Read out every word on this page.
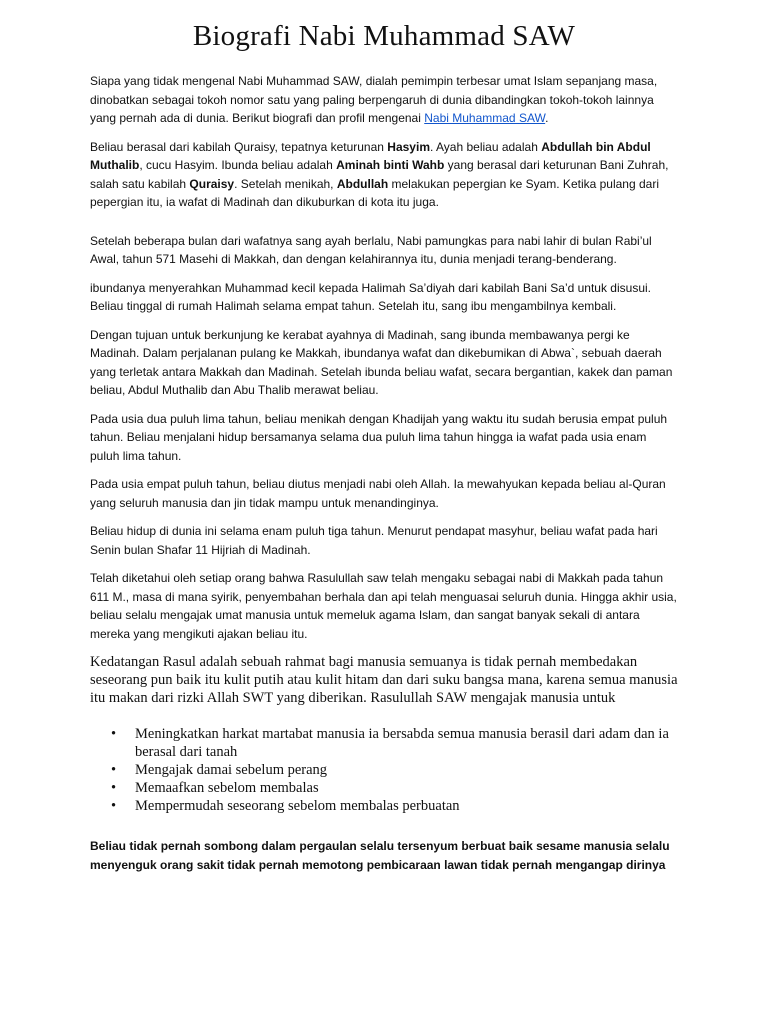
Biografi Nabi Muhammad SAW
Siapa yang tidak mengenal Nabi Muhammad SAW, dialah pemimpin terbesar umat Islam sepanjang masa, dinobatkan sebagai tokoh nomor satu yang paling berpengaruh di dunia dibandingkan tokoh-tokoh lainnya yang pernah ada di dunia. Berikut biografi dan profil mengenai Nabi Muhammad SAW.
Beliau berasal dari kabilah Quraisy, tepatnya keturunan Hasyim. Ayah beliau adalah Abdullah bin Abdul Muthalib, cucu Hasyim. Ibunda beliau adalah Aminah binti Wahb yang berasal dari keturunan Bani Zuhrah, salah satu kabilah Quraisy. Setelah menikah, Abdullah melakukan pepergian ke Syam. Ketika pulang dari pepergian itu, ia wafat di Madinah dan dikuburkan di kota itu juga.
Setelah beberapa bulan dari wafatnya sang ayah berlalu, Nabi pamungkas para nabi lahir di bulan Rabi’ul Awal, tahun 571 Masehi di Makkah, dan dengan kelahirannya itu, dunia menjadi terang-benderang.
ibundanya menyerahkan Muhammad kecil kepada Halimah Sa’diyah dari kabilah Bani Sa’d untuk disusui. Beliau tinggal di rumah Halimah selama empat tahun. Setelah itu, sang ibu mengambilnya kembali.
Dengan tujuan untuk berkunjung ke kerabat ayahnya di Madinah, sang ibunda membawanya pergi ke Madinah. Dalam perjalanan pulang ke Makkah, ibundanya wafat dan dikebumikan di Abwa`, sebuah daerah yang terletak antara Makkah dan Madinah. Setelah ibunda beliau wafat, secara bergantian, kakek dan paman beliau, Abdul Muthalib dan Abu Thalib merawat beliau.
Pada usia dua puluh lima tahun, beliau menikah dengan Khadijah yang waktu itu sudah berusia empat puluh tahun. Beliau menjalani hidup bersamanya selama dua puluh lima tahun hingga ia wafat pada usia enam puluh lima tahun.
Pada usia empat puluh tahun, beliau diutus menjadi nabi oleh Allah. Ia mewahyukan kepada beliau al-Quran yang seluruh manusia dan jin tidak mampu untuk menandinginya.
Beliau hidup di dunia ini selama enam puluh tiga tahun. Menurut pendapat masyhur, beliau wafat pada hari Senin bulan Shafar 11 Hijriah di Madinah.
Telah diketahui oleh setiap orang bahwa Rasulullah saw telah mengaku sebagai nabi di Makkah pada tahun 611 M., masa di mana syirik, penyembahan berhala dan api telah menguasai seluruh dunia. Hingga akhir usia, beliau selalu mengajak umat manusia untuk memeluk agama Islam, dan sangat banyak sekali di antara mereka yang mengikuti ajakan beliau itu.
Kedatangan Rasul adalah sebuah rahmat bagi manusia semuanya is tidak pernah membedakan seseorang pun baik itu kulit putih atau kulit hitam dan dari suku bangsa mana, karena semua manusia itu makan dari rizki Allah SWT yang diberikan. Rasulullah SAW mengajak manusia untuk
• Meningkatkan harkat martabat manusia ia bersabda semua manusia berasil dari adam dan ia berasal dari tanah
• Mengajak damai sebelum perang
• Memaafkan sebelom membalas
• Mempermudah seseorang sebelom membalas perbuatan
Beliau tidak pernah sombong dalam pergaulan selalu tersenyum berbuat baik sesame manusia selalu menyenguk orang sakit tidak pernah memotong pembicaraan lawan tidak pernah mengangap dirinya
